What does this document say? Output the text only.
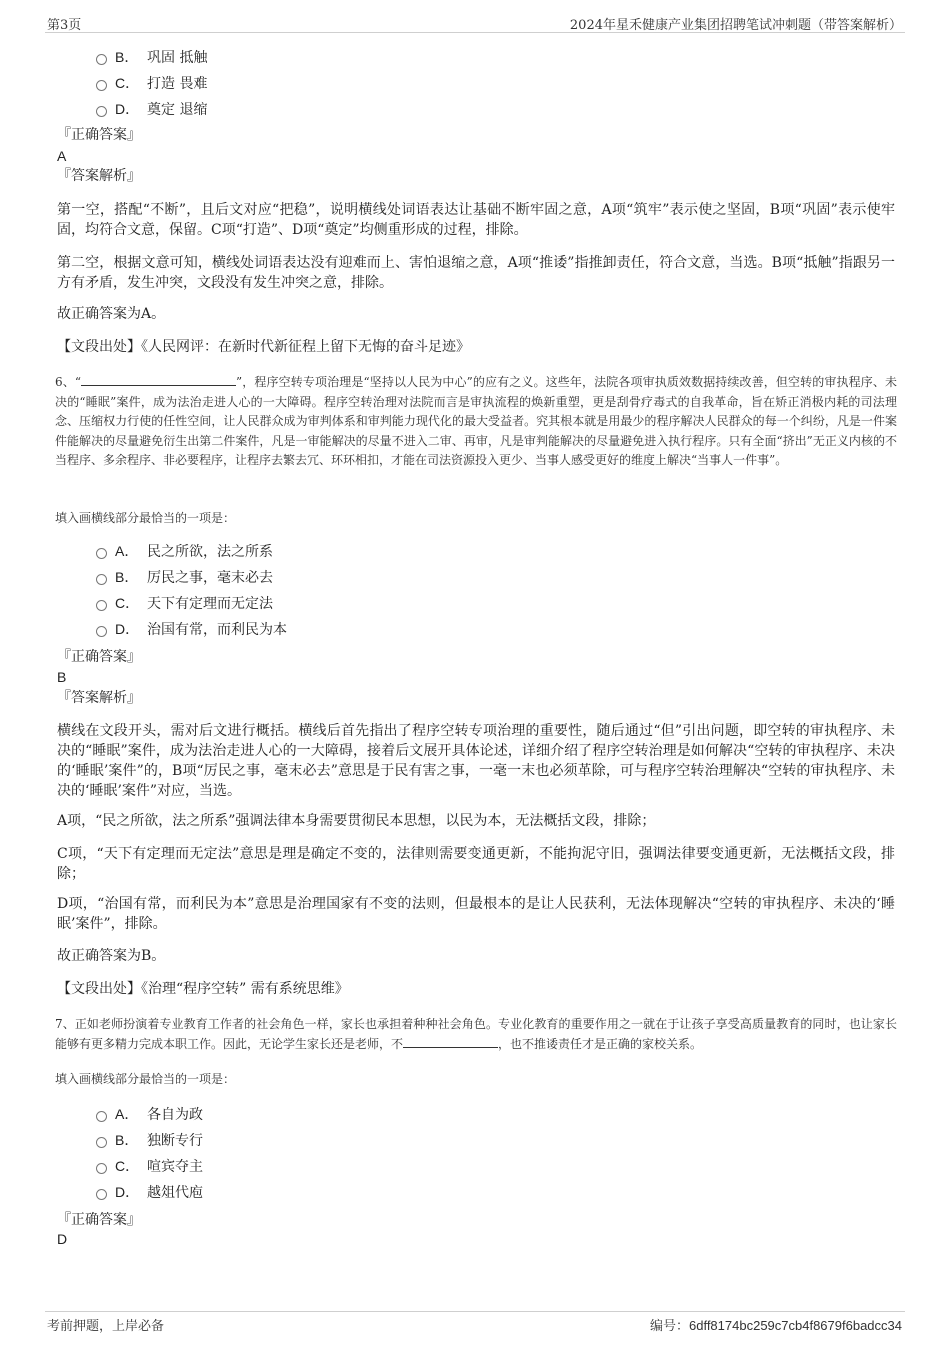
第3页	2024年星禾健康产业集团招聘笔试冲刺题（带答案解析）
B． 巩固 抵触
C． 打造 畏难
D． 奠定 退缩
『正确答案』
A
『答案解析』

第一空，搭配“不断”，且后文对应“把稳”，说明横线处词语表达让基础不断牢固之意，A项“筑牢”表示使之坚固，B项“巩固”表示使牢固，均符合文意，保留。C项“打造”、D项“奠定”均侧重形成的过程，排除。

第二空，根据文意可知，横线处词语表达没有迎难而上、害怕退缩之意，A项“推诿”指推卸责任，符合文意，当选。B项“抵触”指跟另一方有矛盾，发生冲突，文段没有发生冲突之意，排除。

故正确答案为A。
【文段出处】《人民网评：在新时代新征程上留下无悔的奋斗足迹》

6、“	”，程序空转专项治理是“坚持以人民为中心”的应有之义。这些年，法院各项审执质效数据持续改善，但空转的审执程序、未决的“睡眠”案件，成为法治走进人心的一大障碍。程序空转治理对法院而言是审执流程的焕新重塑，更是刮骨疗毒式的自我革命，旨在矫正消极内耗的司法理念、压缩权力行使的任性空间，让人民群众成为审判体系和审判能力现代化的最大受益者。究其根本就是用最少的程序解决人民群众的每一个纠纷，凡是一件案件能解决的尽量避免衍生出第二件案件，凡是一审能解决的尽量不进入二审、再审，凡是审判能解决的尽量避免进入执行程序。只有全面“挤出”无正义内核的不当程序、多余程序、非必要程序，让程序去繁去冗、环环相扣，才能在司法资源投入更少、当事人感受更好的维度上解决“当事人一件事”。

填入画横线部分最恰当的一项是：
A． 民之所欲，法之所系
B． 厉民之事，毫末必去
C． 天下有定理而无定法
D． 治国有常，而利民为本
『正确答案』
B
『答案解析』

横线在文段开头，需对后文进行概括。横线后首先指出了程序空转专项治理的重要性，随后通过“但”引出问题，即空转的审执程序、未决的“睡眠”案件，成为法治走进人心的一大障碍，接着后文展开具体论述，详细介绍了程序空转治理是如何解决“空转的审执程序、未决的‘睡眠’案件”的，B项“厉民之事，毫末必去”意思是于民有害之事，一毫一末也必须革除，可与程序空转治理解决“空转的审执程序、未决的‘睡眠’案件”对应，当选。

A项，“民之所欲，法之所系”强调法律本身需要贯彻民本思想，以民为本，无法概括文段，排除；

C项，“天下有定理而无定法”意思是理是确定不变的，法律则需要变通更新，不能拘泥守旧，强调法律要变通更新，无法概括文段，排除；

D项，“治国有常，而利民为本”意思是治理国家有不变的法则，但最根本的是让人民获利，无法体现解决“空转的审执程序、未决的‘睡眠’案件”，排除。

故正确答案为B。
【文段出处】《治理“程序空转” 需有系统思维》

7、正如老师扮演着专业教育工作者的社会角色一样，家长也承担着种种社会角色。专业化教育的重要作用之一就在于让孩子享受高质量教育的同时，也让家长能够有更多精力完成本职工作。因此，无论学生家长还是老师，不	，也不推诿责任才是正确的家校关系。

填入画横线部分最恰当的一项是：
A． 各自为政
B． 独断专行
C． 喧宾夺主
D． 越俎代庖
『正确答案』
D
考前押题，上岸必备	编号：6dff8174bc259c7cb4f8679f6badcc34
